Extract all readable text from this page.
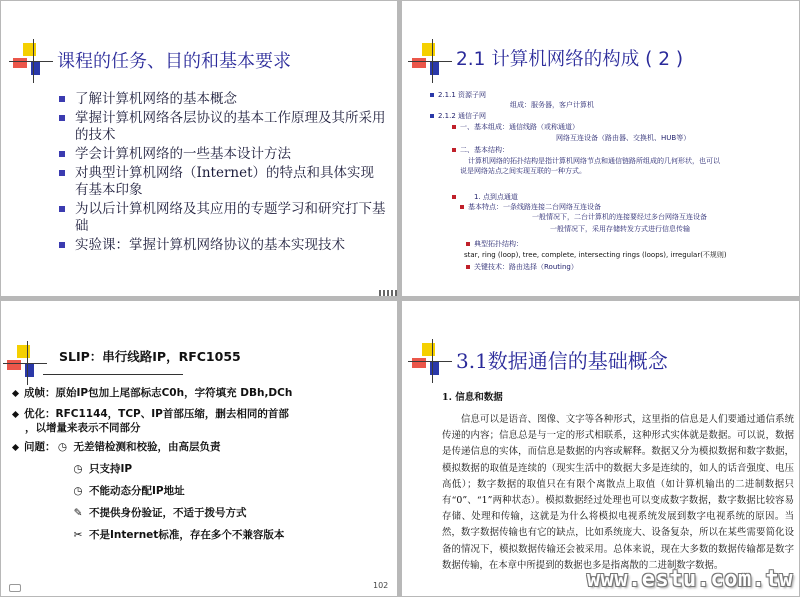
课程的任务、目的和基本要求
了解计算机网络的基本概念
掌握计算机网络各层协议的基本工作原理及其所采用的技术
学会计算机网络的一些基本设计方法
对典型计算机网络（Internet）的特点和具体实现有基本印象
为以后计算机网络及其应用的专题学习和研究打下基础
实验课：掌握计算机网络协议的基本实现技术
2.1 计算机网络的构成 ( 2 )
2.1.1 资源子网
组成：服务器，客户计算机
2.1.2 通信子网
一、基本组成：通信线路（或称通道）
网络互连设备（路由器、交换机、HUB等）
二、基本结构：
计算机网络的拓扑结构是指计算机网络节点和通信链路所组成的几何形状，也可以
说是网络站点之间实现互联的一种方式。
1. 点到点通道
基本特点：一条线路连接二台网络互连设备
一般情况下，二台计算机的连接要经过多台网络互连设备
一般情况下，采用存储转发方式进行信息传输
典型拓扑结构：
star, ring (loop), tree, complete, intersecting rings (loops), irregular(不规则)
关键技术：路由选择（Routing）
SLIP：串行线路IP，RFC1055
成帧：原始IP包加上尾部标志C0h，字符填充 DBh,DCh
优化：RFC1144，TCP、IP首部压缩，删去相同的首部
，以增量来表示不同部分
问题： ◷ 无差错检测和校验，由高层负责
◷ 只支持IP
◷ 不能动态分配IP地址
✎ 不提供身份验证，不适于拨号方式
✂ 不是Internet标准，存在多个不兼容版本
102
3.1数据通信的基础概念
1. 信息和数据
信息可以是语音、图像、文字等各种形式，这里指的信息是人们要通过通信系统传递的内容；信息总是与一定的形式相联系，这种形式实体就是数据。可以说，数据是传递信息的实体，而信息是数据的内容或解释。数据又分为模拟数据和数字数据，模拟数据的取值是连续的（现实生活中的数据大多是连续的，如人的话音强度、电压高低）；数字数据的取值只在有限个离散点上取值（如计算机输出的二进制数据只有“0”、“1”两种状态）。模拟数据经过处理也可以变成数字数据，数字数据比较容易存储、处理和传输，这就是为什么将模拟电视系统发展到数字电视系统的原因。当然，数字数据传输也有它的缺点，比如系统庞大、设备复杂，所以在某些需要简化设备的情况下，模拟数据传输还会被采用。总体来说，现在大多数的数据传输都是数字数据传输，在本章中所提到的数据也多是指离散的二进制数字数据。
www.estu.com.tw
